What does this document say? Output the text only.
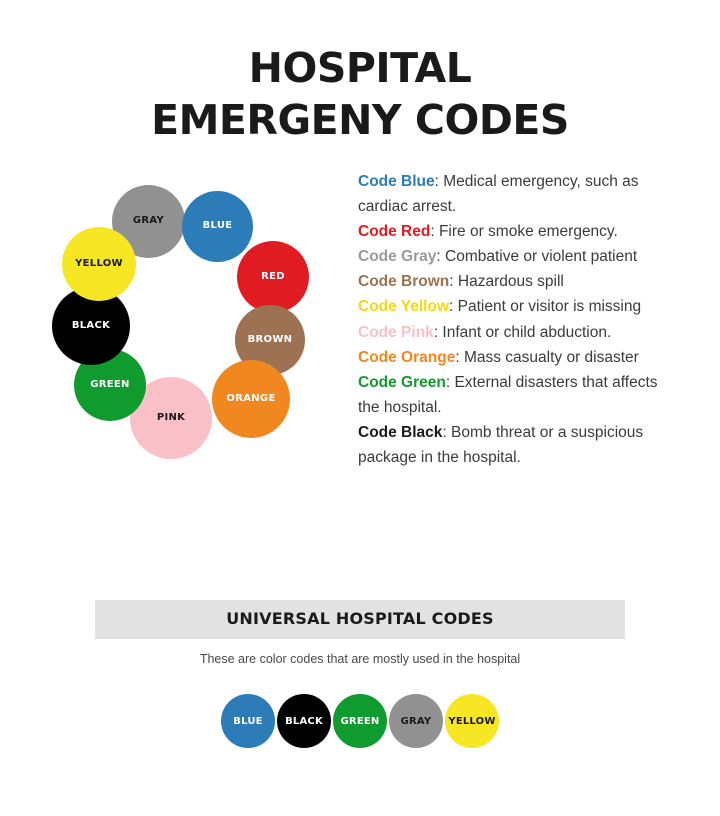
HOSPITAL
EMERGENY CODES
GRAY	BLUE
RED
BROWN
ORANGE
PINK
GREEN
BLACK
YELLOW

Code Blue: Medical emergency, such as cardiac arrest.

Code Red: Fire or smoke emergency.

Code Gray: Combative or violent patient

Code Brown: Hazardous spill

Code Yellow: Patient or visitor is missing

Code Pink: Infant or child abduction.

Code Orange: Mass casualty or disaster

Code Green: External disasters that affects the hospital.

Code Black: Bomb threat or a suspicious package in the hospital.

UNIVERSAL HOSPITAL CODES
These are color codes that are mostly used in the hospital
BLUE BLACK GREEN GRAY YELLOW
